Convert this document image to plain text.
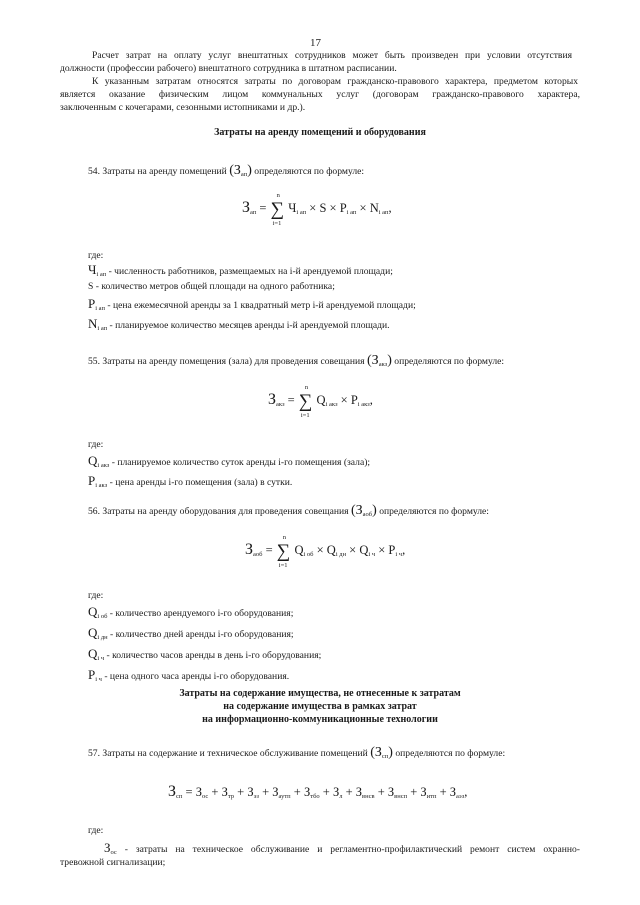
17
Расчет затрат на оплату услуг внештатных сотрудников может быть произведен при условии отсутствия
должности (профессии рабочего) внештатного сотрудника в штатном расписании.
К указанным затратам относятся затраты по договорам гражданско-правового характера, предметом которых
является оказание физическим лицом коммунальных услуг (договорам гражданско-правового характера,
заключенным с кочегарами, сезонными истопниками и др.).
Затраты на аренду помещений и оборудования
54. Затраты на аренду помещений $(З_{ап})$ определяются по формуле:
$З_{ап}$ = ∑
n
i=1
$Ч_{i ап} \times S \times P_{i ап} \times N_{i ап}$,
где:
$Ч_{i ап}$ - численность работников, размещаемых на i-й арендуемой площади;
S - количество метров общей площади на одного работника;
$P_{i ап}$ - цена ежемесячной аренды за 1 квадратный метр i-й арендуемой площади;
$N_{i ап}$ - планируемое количество месяцев аренды i-й арендуемой площади.
55. Затраты на аренду помещения (зала) для проведения совещания $(З_{акз})$ определяются по формуле:
$З_{акз}$ = ∑
n
i=1
$Q_{i акз} \times P_{i акз}$,
где:
$Q_{i акз}$ - планируемое количество суток аренды i-го помещения (зала);
$P_{i акз}$ - цена аренды i-го помещения (зала) в сутки.
56. Затраты на аренду оборудования для проведения совещания $(З_{аоб})$ определяются по формуле:
$З_{аоб}$ = ∑
n
i=1
$Q_{i об} \times Q_{i дн} \times Q_{i ч} \times P_{i ч}$,
где:
$Q_{i об}$ - количество арендуемого i-го оборудования;
$Q_{i дн}$ - количество дней аренды i-го оборудования;
$Q_{i ч}$ - количество часов аренды в день i-го оборудования;
$P_{i ч}$ - цена одного часа аренды i-го оборудования.
Затраты на содержание имущества, не отнесенные к затратам
на содержание имущества в рамках затрат
на информационно-коммуникационные технологии
57. Затраты на содержание и техническое обслуживание помещений $(З_{сп})$ определяются по формуле:
$З_{сп} = З_{ос} + З_{тр} + З_{эз} + З_{аутп} + З_{тбо} + З_л + З_{внсв} + З_{внсп} + З_{итп} + З_{аэз}$,
где:
$З_{ос}$ - затраты на техническое обслуживание и регламентно-профилактический ремонт систем охранно-
тревожной сигнализации;
